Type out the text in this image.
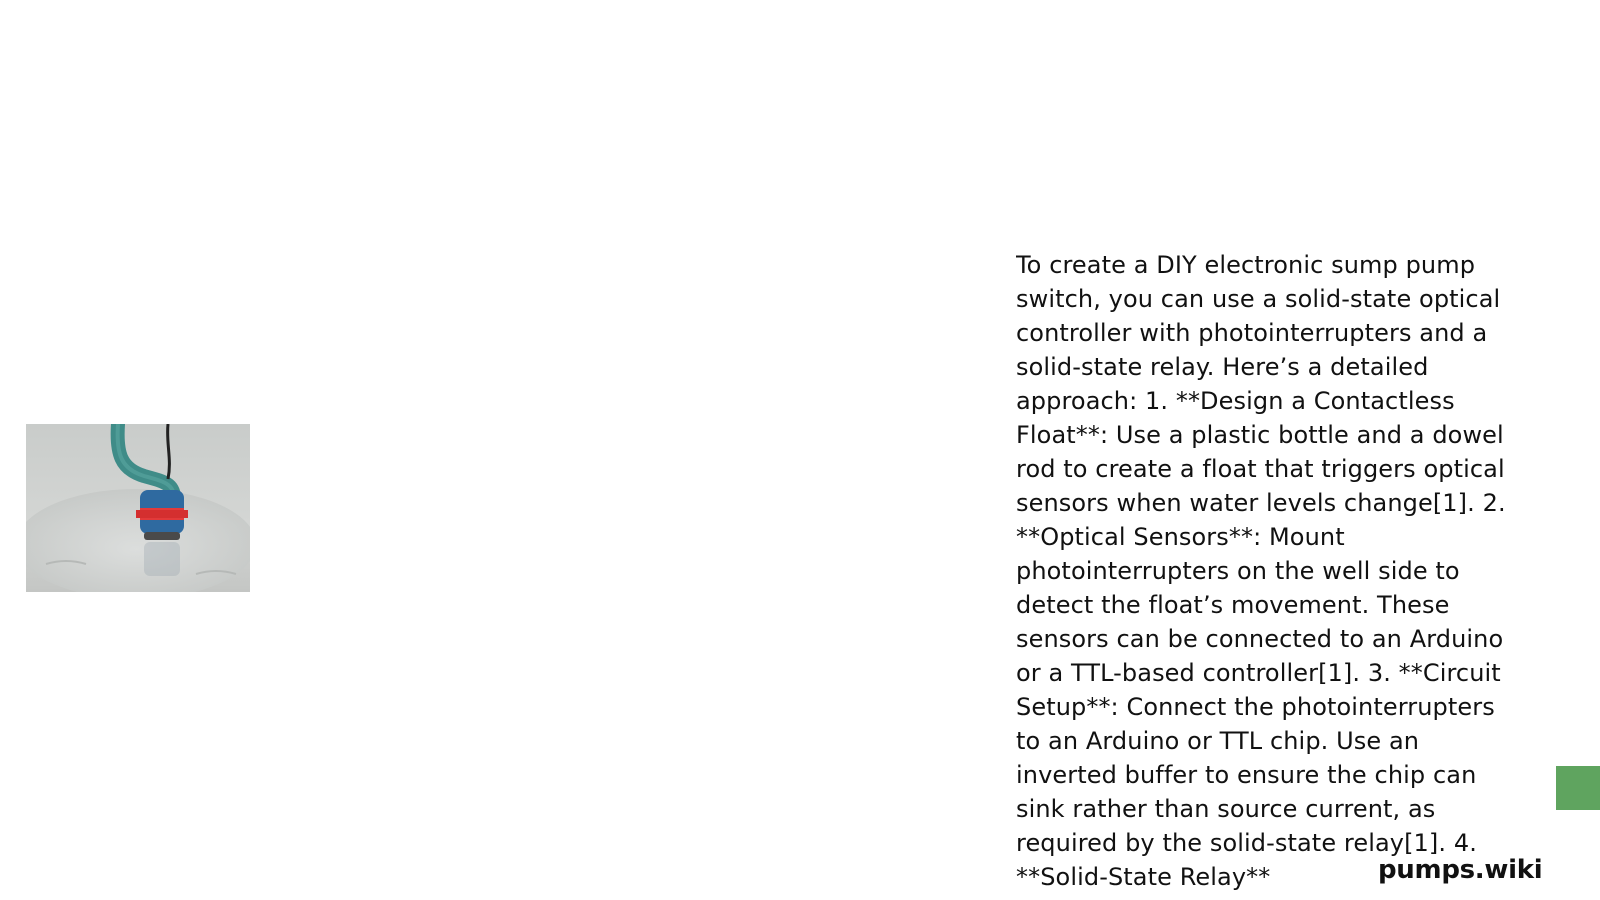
To create a DIY electronic sump pump switch, you can use a solid-state optical controller with photointerrupters and a solid-state relay. Here’s a detailed approach: 1. **Design a Contactless Float**: Use a plastic bottle and a dowel rod to create a float that triggers optical sensors when water levels change[1]. 2. **Optical Sensors**: Mount photointerrupters on the well side to detect the float’s movement. These sensors can be connected to an Arduino or a TTL-based controller[1]. 3. **Circuit Setup**: Connect the photointerrupters to an Arduino or TTL chip. Use an inverted buffer to ensure the chip can sink rather than source current, as required by the solid-state relay[1]. 4. **Solid-State Relay**	pumps.wiki
